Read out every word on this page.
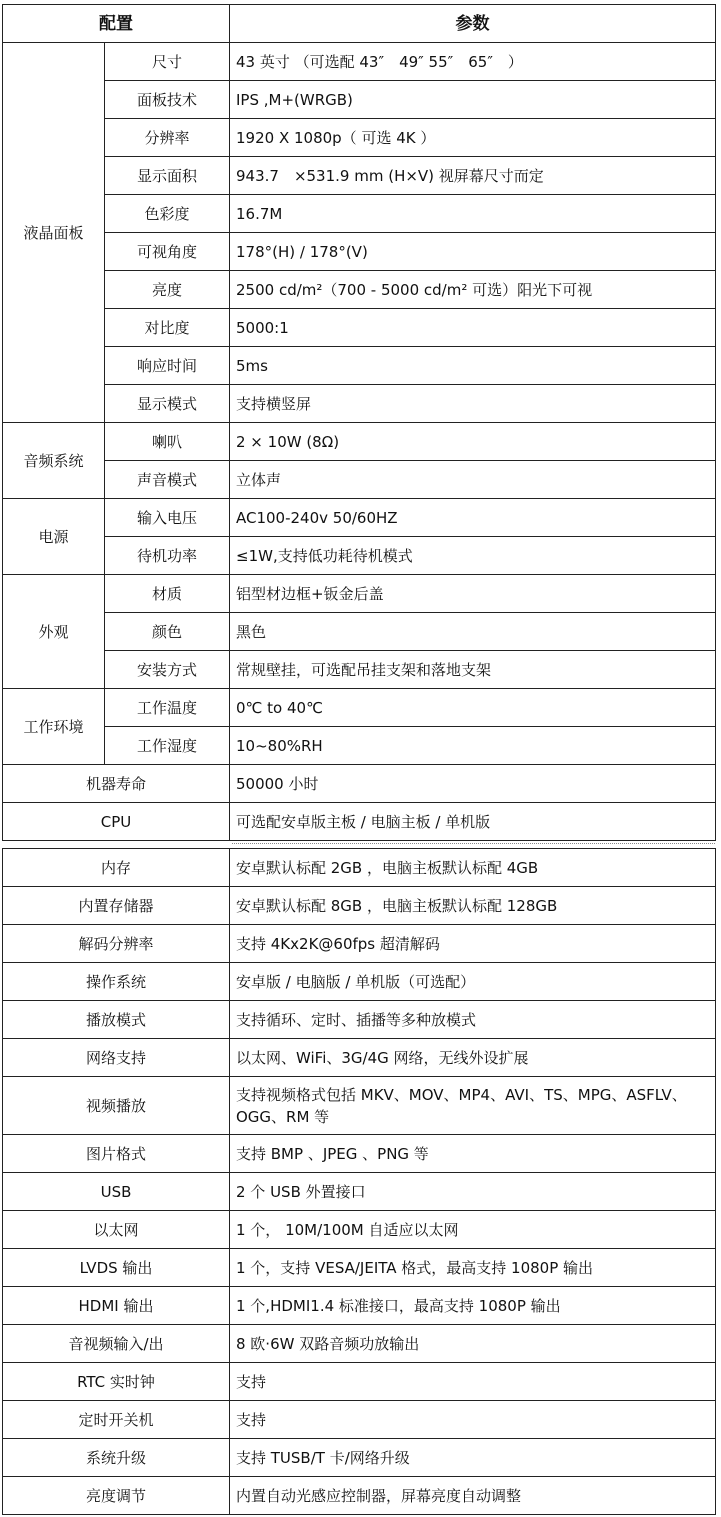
配置		参数
液晶面板	尺寸	43 英寸 （可选配 43″　49″ 55″　65″　）
	面板技术	IPS ,M+(WRGB)
	分辨率	1920 X 1080p（ 可选 4K ）
	显示面积	943.7　×531.9 mm (H×V) 视屏幕尺寸而定
	色彩度	16.7M
	可视角度	178°(H) / 178°(V)
	亮度	2500 cd/m²（700 - 5000 cd/m² 可选）阳光下可视
	对比度	5000:1
	响应时间	5ms
	显示模式	支持横竖屏
音频系统	喇叭	2 × 10W (8Ω)
	声音模式	立体声
电源	输入电压	AC100-240v 50/60HZ
	待机功率	≤1W,支持低功耗待机模式
外观	材质	铝型材边框+钣金后盖
	颜色	黑色
	安装方式	常规壁挂，可选配吊挂支架和落地支架
工作环境	工作温度	0℃ to 40℃
	工作湿度	10~80%RH
机器寿命		50000 小时
CPU		可选配安卓版主板 / 电脑主板 / 单机版
内存	安卓默认标配 2GB ，电脑主板默认标配 4GB
内置存储器	安卓默认标配 8GB ，电脑主板默认标配 128GB
解码分辨率	支持 4Kx2K@60fps 超清解码
操作系统	安卓版 / 电脑版 / 单机版（可选配）
播放模式	支持循环、定时、插播等多种放模式
网络支持	以太网、WiFi、3G/4G 网络，无线外设扩展
视频播放	支持视频格式包括 MKV、MOV、MP4、AVI、TS、MPG、ASFLV、OGG、RM 等
图片格式	支持 BMP 、JPEG 、PNG 等
USB	2 个 USB 外置接口
以太网	1 个， 10M/100M 自适应以太网
LVDS 输出	1 个，支持 VESA/JEITA 格式，最高支持 1080P 输出
HDMI 输出	1 个,HDMI1.4 标准接口，最高支持 1080P 输出
音视频输入/出	8 欧·6W 双路音频功放输出
RTC 实时钟	支持
定时开关机	支持
系统升级	支持 TUSB/T 卡/网络升级
亮度调节	内置自动光感应控制器，屏幕亮度自动调整
